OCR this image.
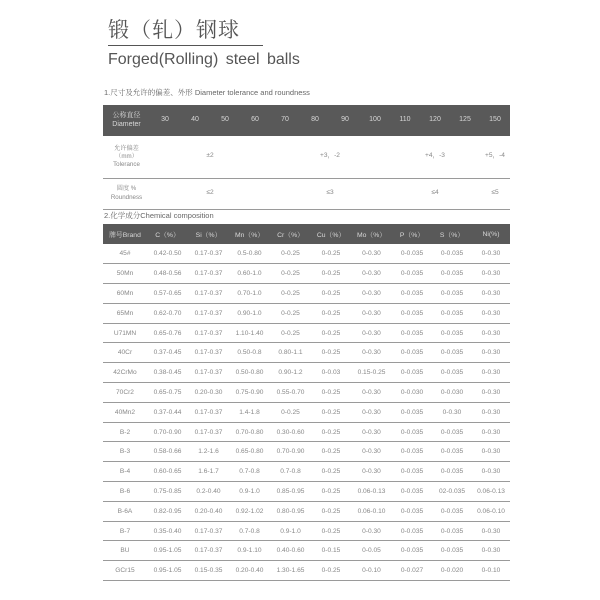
锻（轧）钢球
Forged(Rolling) steel balls
1.尺寸及允许的偏差、外形 Diameter tolerance and roundness
公称直径
Diameter	30	40	50	60	70	80	90	100	110	120	125	150

允许偏差
（mm）
Tolerance	±2				+3，-2				+4，-3			+5，-4

圆度 %
Roundness	≤2				≤3				≤4			≤5
2.化学成分Chemical composition
牌号Brand	C（%）	Si（%）	Mn（%）	Cr（%）	Cu（%）	Mo（%）	P（%）	S（%）	Ni(%)
45#	0.42-0.50	0.17-0.37	0.5-0.80	0-0.25	0-0.25	0-0.30	0-0.035	0-0.035	0-0.30
50Mn	0.48-0.56	0.17-0.37	0.60-1.0	0-0.25	0-0.25	0-0.30	0-0.035	0-0.035	0-0.30
60Mn	0.57-0.65	0.17-0.37	0.70-1.0	0-0.25	0-0.25	0-0.30	0-0.035	0-0.035	0-0.30
65Mn	0.62-0.70	0.17-0.37	0.90-1.0	0-0.25	0-0.25	0-0.30	0-0.035	0-0.035	0-0.30
U71MN	0.65-0.76	0.17-0.37	1.10-1.40	0-0.25	0-0.25	0-0.30	0-0.035	0-0.035	0-0.30
40Cr	0.37-0.45	0.17-0.37	0.50-0.8	0.80-1.1	0-0.25	0-0.30	0-0.035	0-0.035	0-0.30
42CrMo	0.38-0.45	0.17-0.37	0.50-0.80	0.90-1.2	0-0.03	0.15-0.25	0-0.035	0-0.035	0-0.30
70Cr2	0.65-0.75	0.20-0.30	0.75-0.90	0.55-0.70	0-0.25	0-0.30	0-0.030	0-0.030	0-0.30
40Mn2	0.37-0.44	0.17-0.37	1.4-1.8	0-0.25	0-0.25	0-0.30	0-0.035	0-0.30	0-0.30
B-2	0.70-0.90	0.17-0.37	0.70-0.80	0.30-0.60	0-0.25	0-0.30	0-0.035	0-0.035	0-0.30
B-3	0.58-0.66	1.2-1.6	0.65-0.80	0.70-0.90	0-0.25	0-0.30	0-0.035	0-0.035	0-0.30
B-4	0.60-0.65	1.6-1.7	0.7-0.8	0.7-0.8	0-0.25	0-0.30	0-0.035	0-0.035	0-0.30
B-6	0.75-0.85	0.2-0.40	0.9-1.0	0.85-0.95	0-0.25	0.06-0.13	0-0.035	02-0.035	0.06-0.13
B-6A	0.82-0.95	0.20-0.40	0.92-1.02	0.80-0.95	0-0.25	0.06-0.10	0-0.035	0-0.035	0.06-0.10
B-7	0.35-0.40	0.17-0.37	0.7-0.8	0.9-1.0	0-0.25	0-0.30	0-0.035	0-0.035	0-0.30
BU	0.95-1.05	0.17-0.37	0.9-1.10	0.40-0.60	0-0.15	0-0.05	0-0.035	0-0.035	0-0.30
GCr15	0.95-1.05	0.15-0.35	0.20-0.40	1.30-1.65	0-0.25	0-0.10	0-0.027	0-0.020	0-0.10
